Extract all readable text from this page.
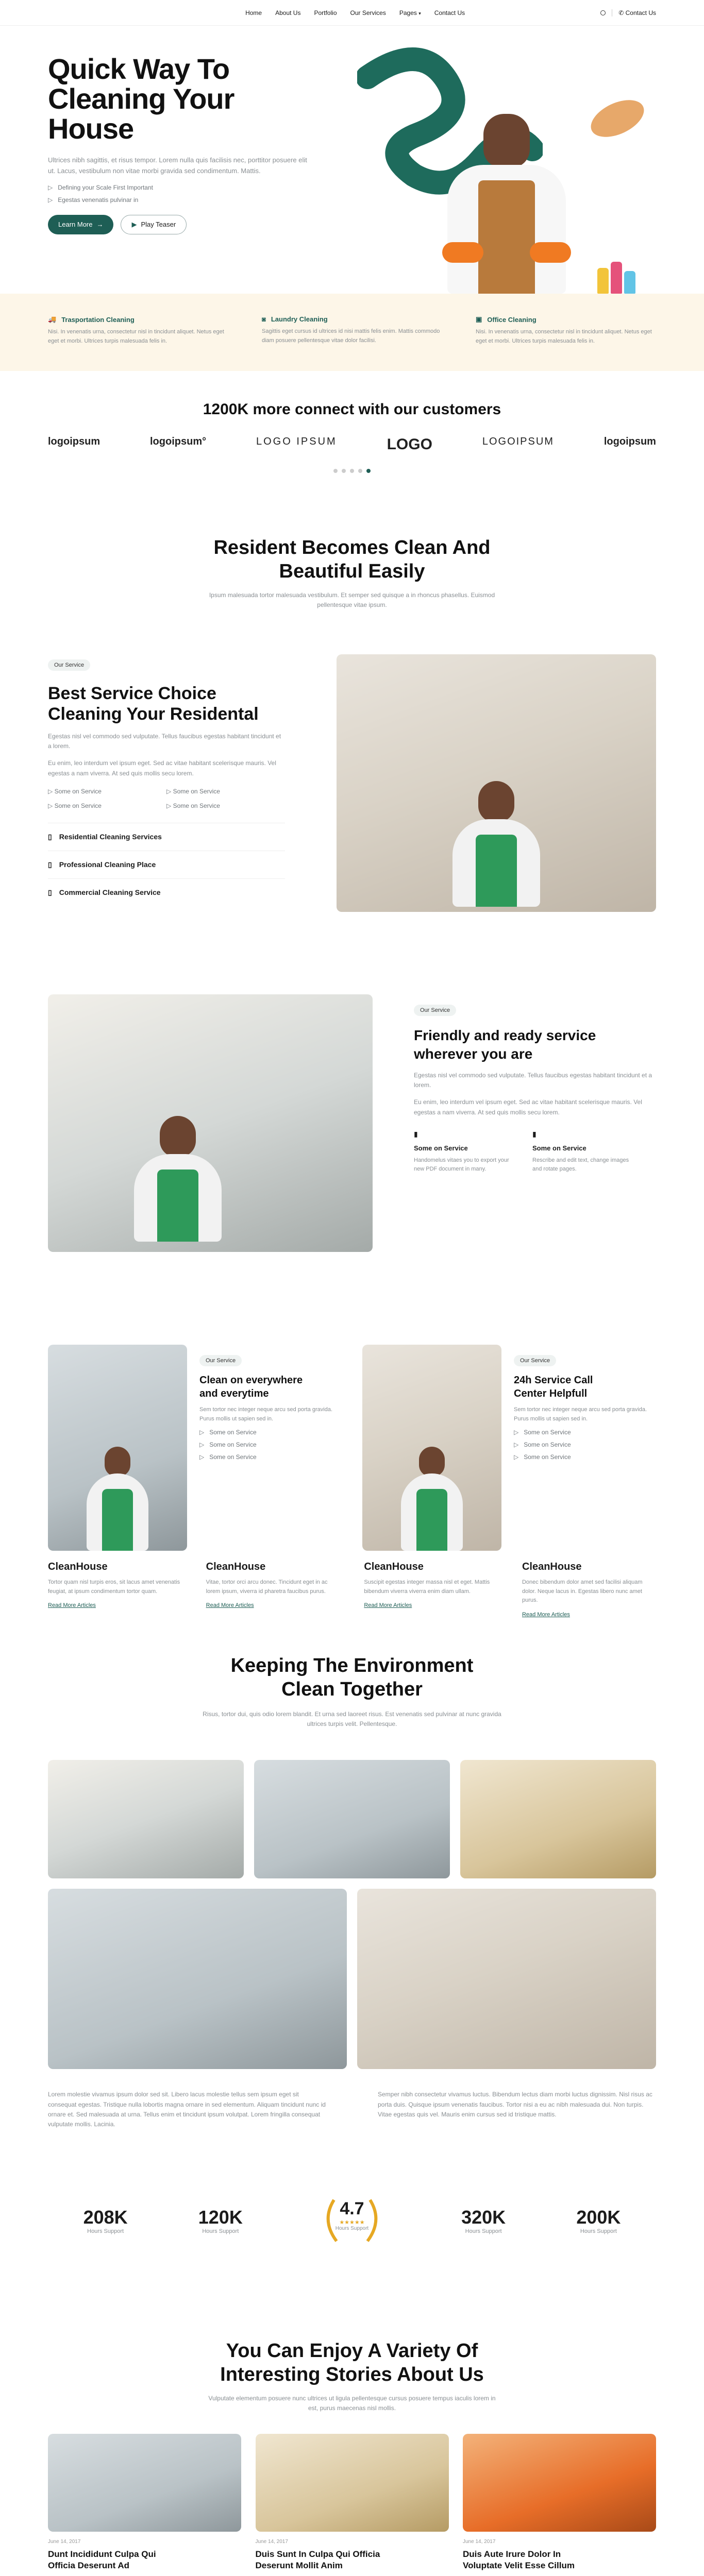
Home About Us Portfolio Our Services Pages ▾ Contact Us	✆ Contact Us
Quick Way To
Cleaning Your
House

Ultrices nibh sagittis, et risus tempor. Lorem nulla quis facilisis nec, porttitor posuere elit ut. Lacus, vestibulum non vitae morbi gravida sed condimentum. Mattis.

▷ Defining your Scale First Important
▷ Egestas venenatis pulvinar in
Learn More →	▶ Play Teaser
🚚 Trasportation Cleaning

Nisi. In venenatis urna, consectetur nisl in tincidunt aliquet. Netus eget eget et morbi. Ultrices turpis malesuada felis in.

◙ Laundry Cleaning

Sagittis eget cursus id ultrices id nisi mattis felis enim. Mattis commodo diam posuere pellentesque vitae dolor facilisi.

▣ Office Cleaning

Nisi. In venenatis urna, consectetur nisl in tincidunt aliquet. Netus eget eget et morbi. Ultrices turpis malesuada felis in.

1200K more connect with our customers
logoipsum	logoipsum°	LOGO IPSUM	LOGO	LOGOIPSUM	logoipsum
Resident Becomes Clean And
Beautiful Easily

Ipsum malesuada tortor malesuada vestibulum. Et semper sed quisque a in rhoncus phasellus. Euismod pellentesque vitae ipsum.

Our Service
Best Service Choice
Cleaning Your Residental

Egestas nisl vel commodo sed vulputate. Tellus faucibus egestas habitant tincidunt et a lorem.

Eu enim, leo interdum vel ipsum eget. Sed ac vitae habitant scelerisque mauris. Vel egestas a nam viverra. At sed quis mollis secu lorem.

▷ Some on Service	▷ Some on Service
▷ Some on Service	▷ Some on Service
▯ Residential Cleaning Services
▯ Professional Cleaning Place
▯ Commercial Cleaning Service
Our Service
Friendly and ready service
wherever you are

Egestas nisl vel commodo sed vulputate. Tellus faucibus egestas habitant tincidunt et a lorem.

Eu enim, leo interdum vel ipsum eget. Sed ac vitae habitant scelerisque mauris. Vel egestas a nam viverra. At sed quis mollis secu lorem.

▮
Some on Service

Handomelus vitaes you to export your new PDF document in many.

▮
Some on Service

Rescribe and edit text, change images and rotate pages.

Our Service
Clean on everywhere
and everytime

Sem tortor nec integer neque arcu sed porta gravida. Purus mollis ut sapien sed in.

▷ Some on Service
▷ Some on Service
▷ Some on Service
Our Service
24h Service Call
Center Helpfull

Sem tortor nec integer neque arcu sed porta gravida. Purus mollis ut sapien sed in.

▷ Some on Service
▷ Some on Service
▷ Some on Service
CleanHouse

Tortor quam nisl turpis eros, sit lacus amet venenatis feugiat, at ipsum condimentum tortor quam.

Read More Articles
CleanHouse

Vitae, tortor orci arcu donec. Tincidunt eget in ac lorem ipsum, viverra id pharetra faucibus purus.

Read More Articles
CleanHouse

Suscipit egestas integer massa nisl et eget. Mattis bibendum viverra viverra enim diam ullam.

Read More Articles
CleanHouse

Donec bibendum dolor amet sed facilisi aliquam dolor. Neque lacus in. Egestas libero nunc amet purus.

Read More Articles
Keeping The Environment
Clean Together

Risus, tortor dui, quis odio lorem blandit. Et urna sed laoreet risus. Est venenatis sed pulvinar at nunc gravida ultrices turpis velit. Pellentesque.

Lorem molestie vivamus ipsum dolor sed sit. Libero lacus molestie tellus sem ipsum eget sit consequat egestas. Tristique nulla lobortis magna ornare in sed elementum. Aliquam tincidunt nunc id ornare et. Sed malesuada at urna. Tellus enim et tincidunt ipsum volutpat. Lorem fringilla consequat vulputate mollis. Lacinia.

Semper nibh consectetur vivamus luctus. Bibendum lectus diam morbi luctus dignissim. Nisl risus ac porta duis. Quisque ipsum venenatis faucibus. Tortor nisi a eu ac nibh malesuada dui. Non turpis. Vitae egestas quis vel. Mauris enim cursus sed id tristique mattis.

208K
Hours Support
120K
Hours Support
4.7
★★★★★
Hours Support
320K
Hours Support
200K
Hours Support
You Can Enjoy A Variety Of
Interesting Stories About Us

Vulputate elementum posuere nunc ultrices ut ligula pellentesque cursus posuere tempus iaculis lorem in est, purus maecenas nisl mollis.

June 14, 2017
Dunt Incididunt Culpa Qui
Officia Deserunt Ad
June 14, 2017
Duis Sunt In Culpa Qui Officia
Deserunt Mollit Anim
June 14, 2017
Duis Aute Irure Dolor In
Voluptate Velit Esse Cillum
